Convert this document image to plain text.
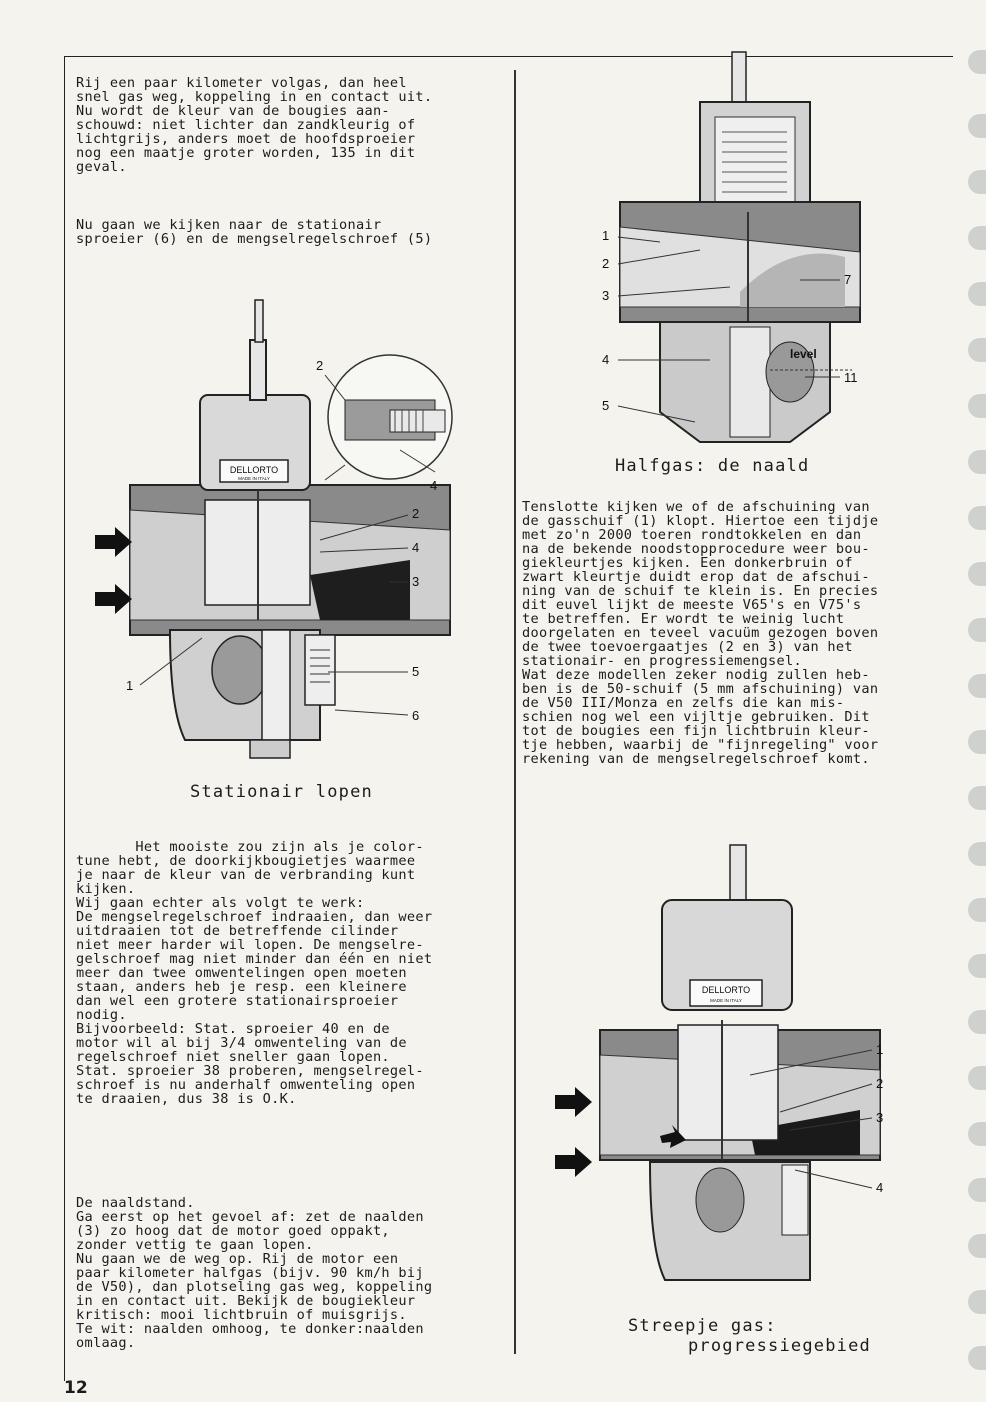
Rij een paar kilometer volgas, dan heel
snel gas weg, koppeling in en contact uit.
Nu wordt de kleur van de bougies aan-
schouwd: niet lichter dan zandkleurig of
lichtgrijs, anders moet de hoofdsproeier
nog een maatje groter worden, 135 in dit
geval.
Nu gaan we kijken naar de stationair
sproeier (6) en de mengselregelschroef (5)
DELLORTO
MADE IN ITALY
1
2
3
4
5
6
2
4
Stationair lopen
Het mooiste zou zijn als je color-
tune hebt, de doorkijkbougietjes waarmee
je naar de kleur van de verbranding kunt
kijken.
Wij gaan echter als volgt te werk:
De mengselregelschroef indraaien, dan weer
uitdraaien tot de betreffende cilinder
niet meer harder wil lopen. De mengselre-
gelschroef mag niet minder dan één en niet
meer dan twee omwentelingen open moeten
staan, anders heb je resp. een kleinere
dan wel een grotere stationairsproeier
nodig.
Bijvoorbeeld: Stat. sproeier 40 en de
motor wil al bij 3/4 omwenteling van de
regelschroef niet sneller gaan lopen.
Stat. sproeier 38 proberen, mengselregel-
schroef is nu anderhalf omwenteling open
te draaien, dus 38 is O.K.
De naaldstand.
Ga eerst op het gevoel af: zet de naalden
(3) zo hoog dat de motor goed oppakt,
zonder vettig te gaan lopen.
Nu gaan we de weg op. Rij de motor een
paar kilometer halfgas (bijv. 90 km/h bij
de V50), dan plotseling gas weg, koppeling
in en contact uit. Bekijk de bougiekleur
kritisch: mooi lichtbruin of muisgrijs.
Te wit: naalden omhoog, te donker:naalden
omlaag.
level
1
2
3
4
5
7
11
Halfgas: de naald
Tenslotte kijken we of de afschuining van
de gasschuif (1) klopt. Hiertoe een tijdje
met zo'n 2000 toeren rondtokkelen en dan
na de bekende noodstopprocedure weer bou-
giekleurtjes kijken. Een donkerbruin of
zwart kleurtje duidt erop dat de afschui-
ning van de schuif te klein is. En precies
dit euvel lijkt de meeste V65's en V75's
te betreffen. Er wordt te weinig lucht
doorgelaten en teveel vacuüm gezogen boven
de twee toevoergaatjes (2 en 3) van het
stationair- en progressiemengsel.
Wat deze modellen zeker nodig zullen heb-
ben is de 50-schuif (5 mm afschuining) van
de V50 III/Monza en zelfs die kan mis-
schien nog wel een vijltje gebruiken. Dit
tot de bougies een fijn lichtbruin kleur-
tje hebben, waarbij de "fijnregeling" voor
rekening van de mengselregelschroef komt.
DELLORTO
MADE IN ITALY
1
2
3
4
Streepje gas:
progressiegebied
12
